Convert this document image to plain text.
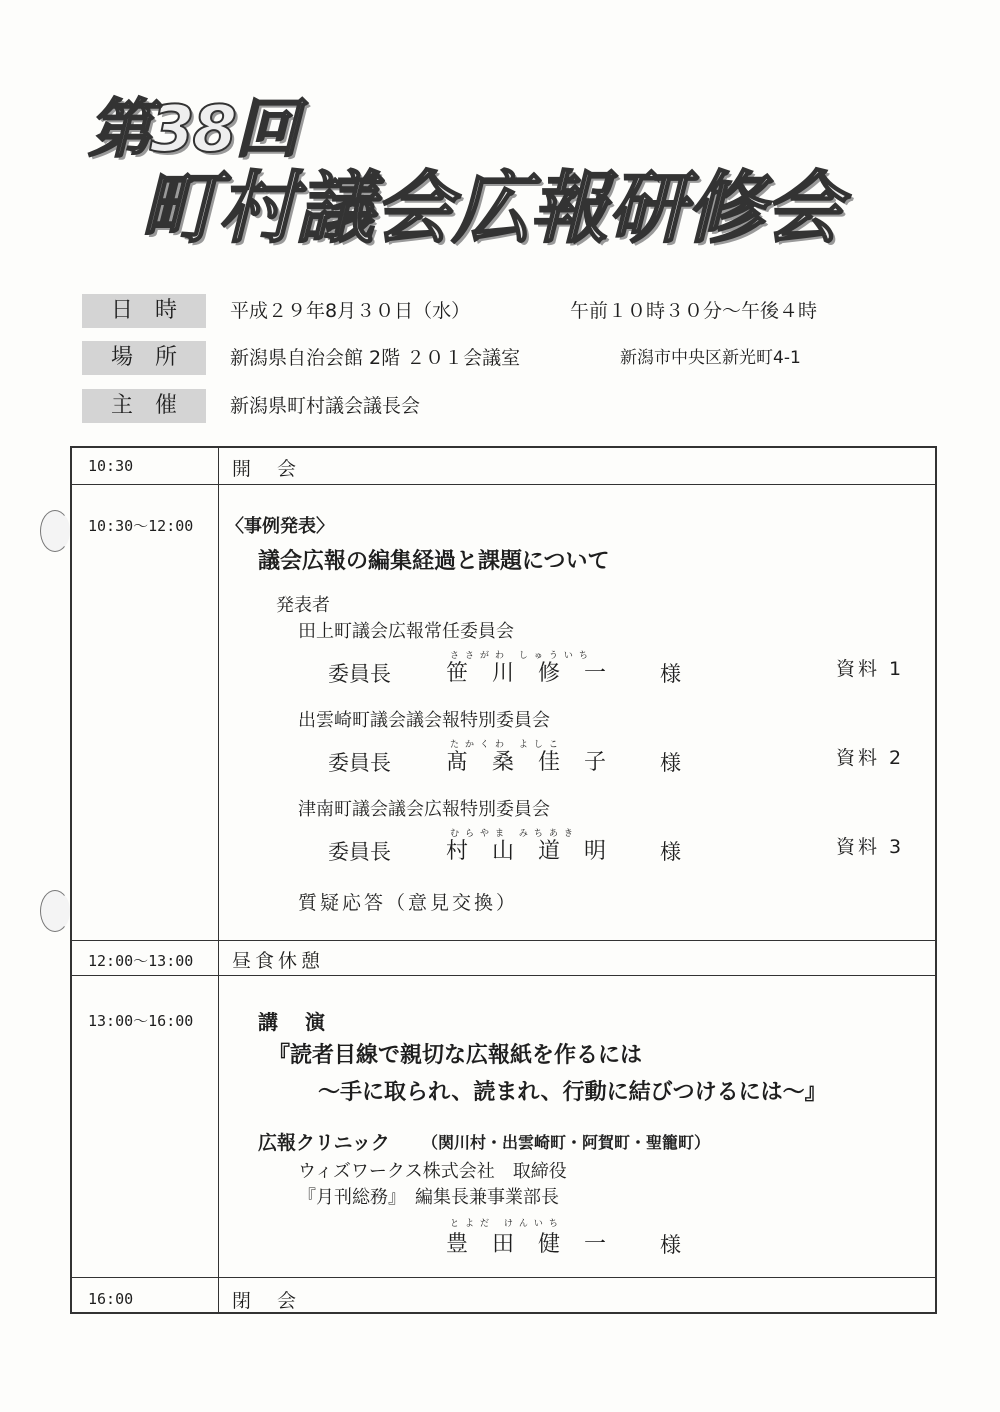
第38回
町村議会広報研修会
日時	平成２９年8月３０日（水）	午前１０時３０分～午後４時
場所	新潟県自治会館 2階 ２０１会議室	新潟市中央区新光町4-1
主催	新潟県町村議会議長会
10:30	開 会
10:30～12:00 〈事例発表〉
議会広報の編集経過と課題について
発表者
田上町議会広報常任委員会
ささがわ しゅういち
委員長	笹川修一 様	資料 1
出雲崎町議会議会報特別委員会
たかくわ よしこ
委員長	髙桑佳子 様	資料 2
津南町議会議会広報特別委員会
むらやま みちあき
委員長	村山道明 様	資料 3
質疑応答（意見交換）
12:00～13:00 昼食休憩
13:00～16:00	講 演
『読者目線で親切な広報紙を作るには
～手に取られ、読まれ、行動に結びつけるには～』
広報クリニック （関川村・出雲崎町・阿賀町・聖籠町）
ウィズワークス株式会社　取締役
『月刊総務』　編集長兼事業部長
とよだ けんいち
豊田健一 様
16:00	閉 会
